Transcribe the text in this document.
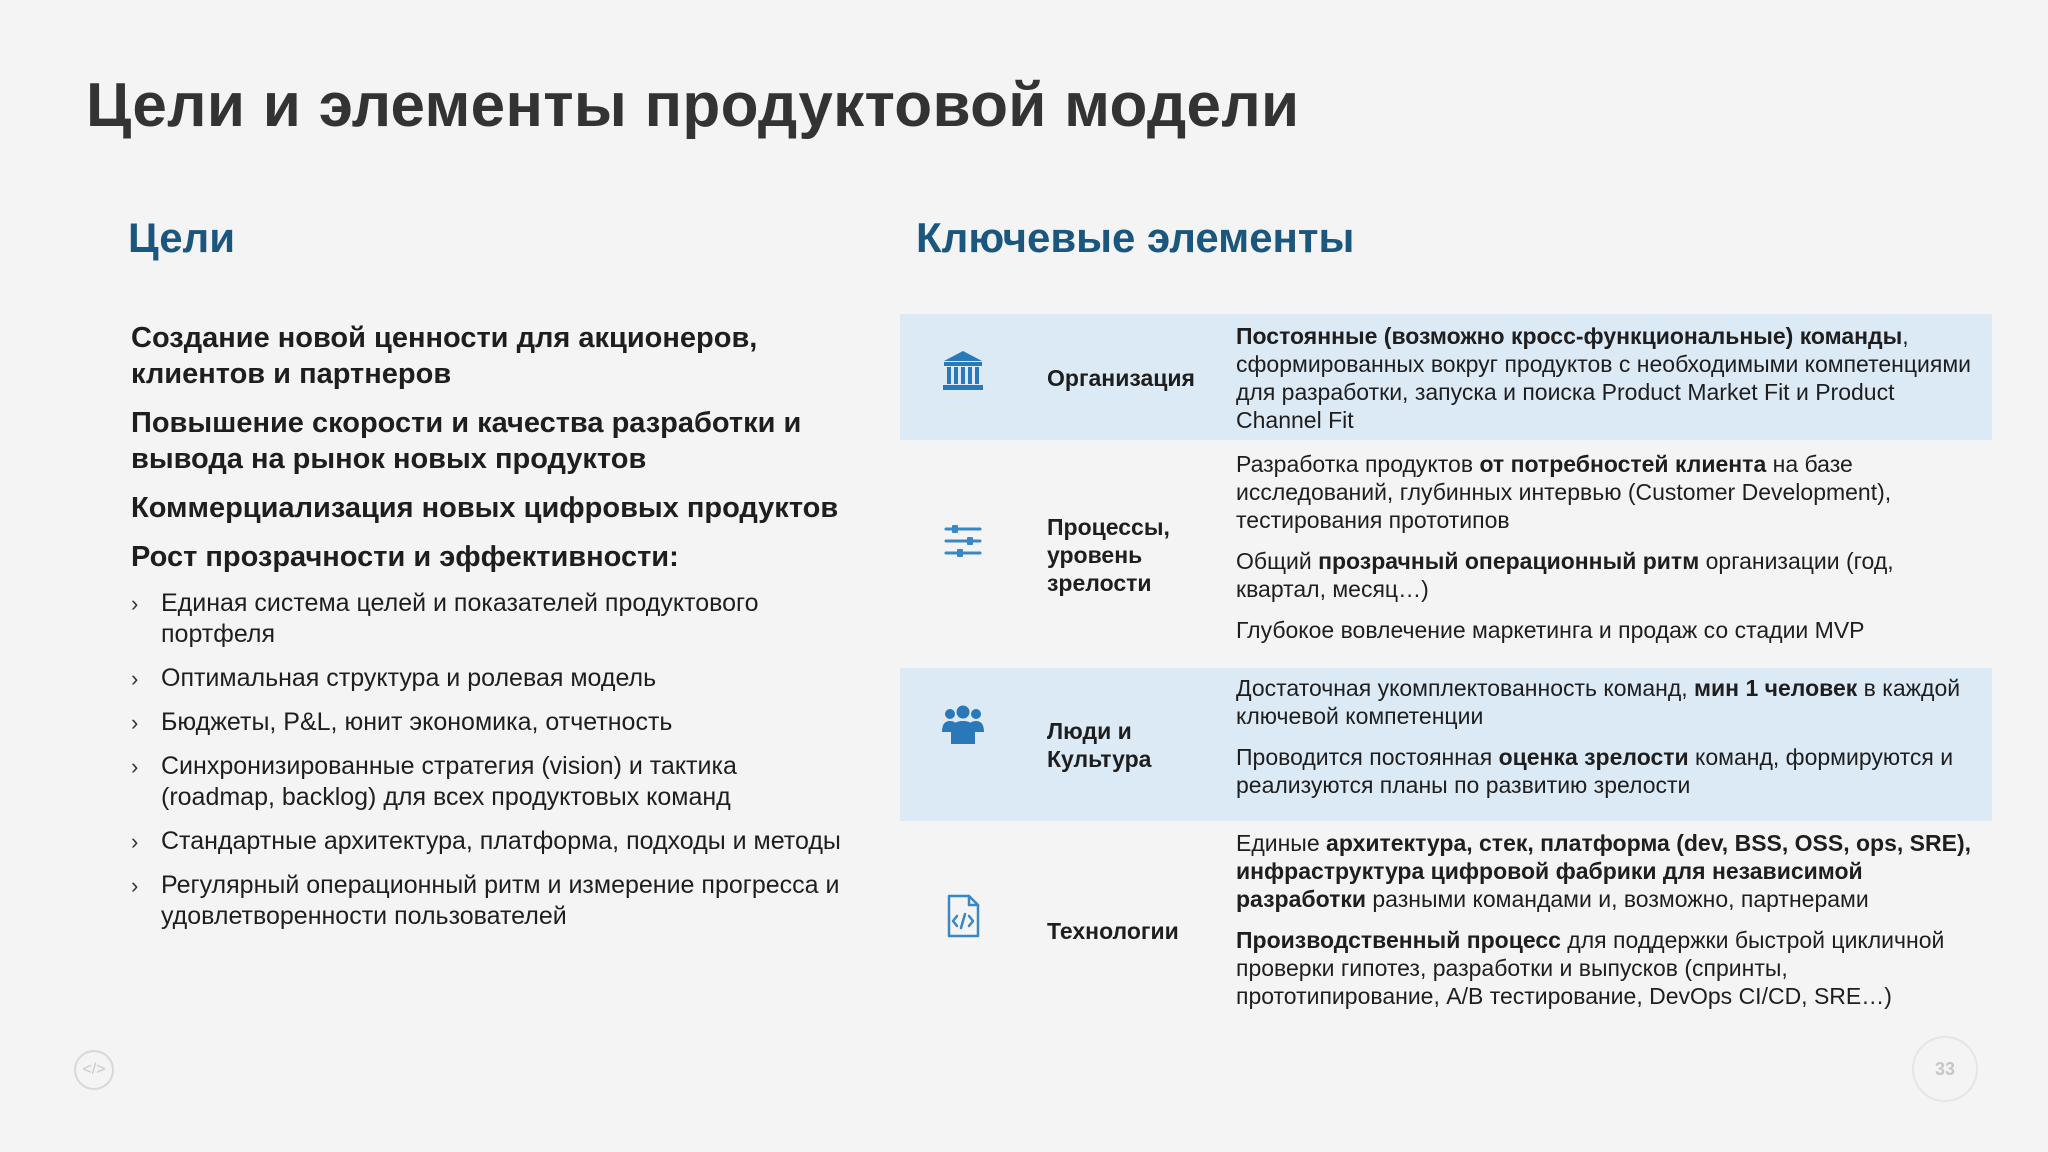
Цели и элементы продуктовой модели
Цели	Ключевые элементы
Создание новой ценности для акционеров, клиентов и партнеров
Повышение скорости и качества разработки и вывода на рынок новых продуктов
Коммерциализация новых цифровых продуктов
Рост прозрачности и эффективности:
› Единая система целей и показателей продуктового портфеля
› Оптимальная структура и ролевая модель
› Бюджеты, P&L, юнит экономика, отчетность
› Синхронизированные стратегия (vision) и тактика (roadmap, backlog) для всех продуктовых команд
› Стандартные архитектура, платформа, подходы и методы
› Регулярный операционный ритм и измерение прогресса и удовлетворенности пользователей
Организация
Постоянные (возможно кросс-функциональные) команды, сформированных вокруг продуктов с необходимыми компетенциями для разработки, запуска и поиска Product Market Fit и Product Channel Fit
Процессы, уровень зрелости
Разработка продуктов от потребностей клиента на базе исследований, глубинных интервью (Customer Development), тестирования прототипов
Общий прозрачный операционный ритм организации (год, квартал, месяц…)
Глубокое вовлечение маркетинга и продаж со стадии MVP
Люди и Культура
Достаточная укомплектованность команд, мин 1 человек в каждой ключевой компетенции
Проводится постоянная оценка зрелости команд, формируются и реализуются планы по развитию зрелости
Технологии
Единые архитектура, стек, платформа (dev, BSS, OSS, ops, SRE), инфраструктура цифровой фабрики для независимой разработки разными командами и, возможно, партнерами
Производственный процесс для поддержки быстрой цикличной проверки гипотез, разработки и выпусков (спринты, прототипирование, A/B тестирование, DevOps CI/CD, SRE…)
</>	33
